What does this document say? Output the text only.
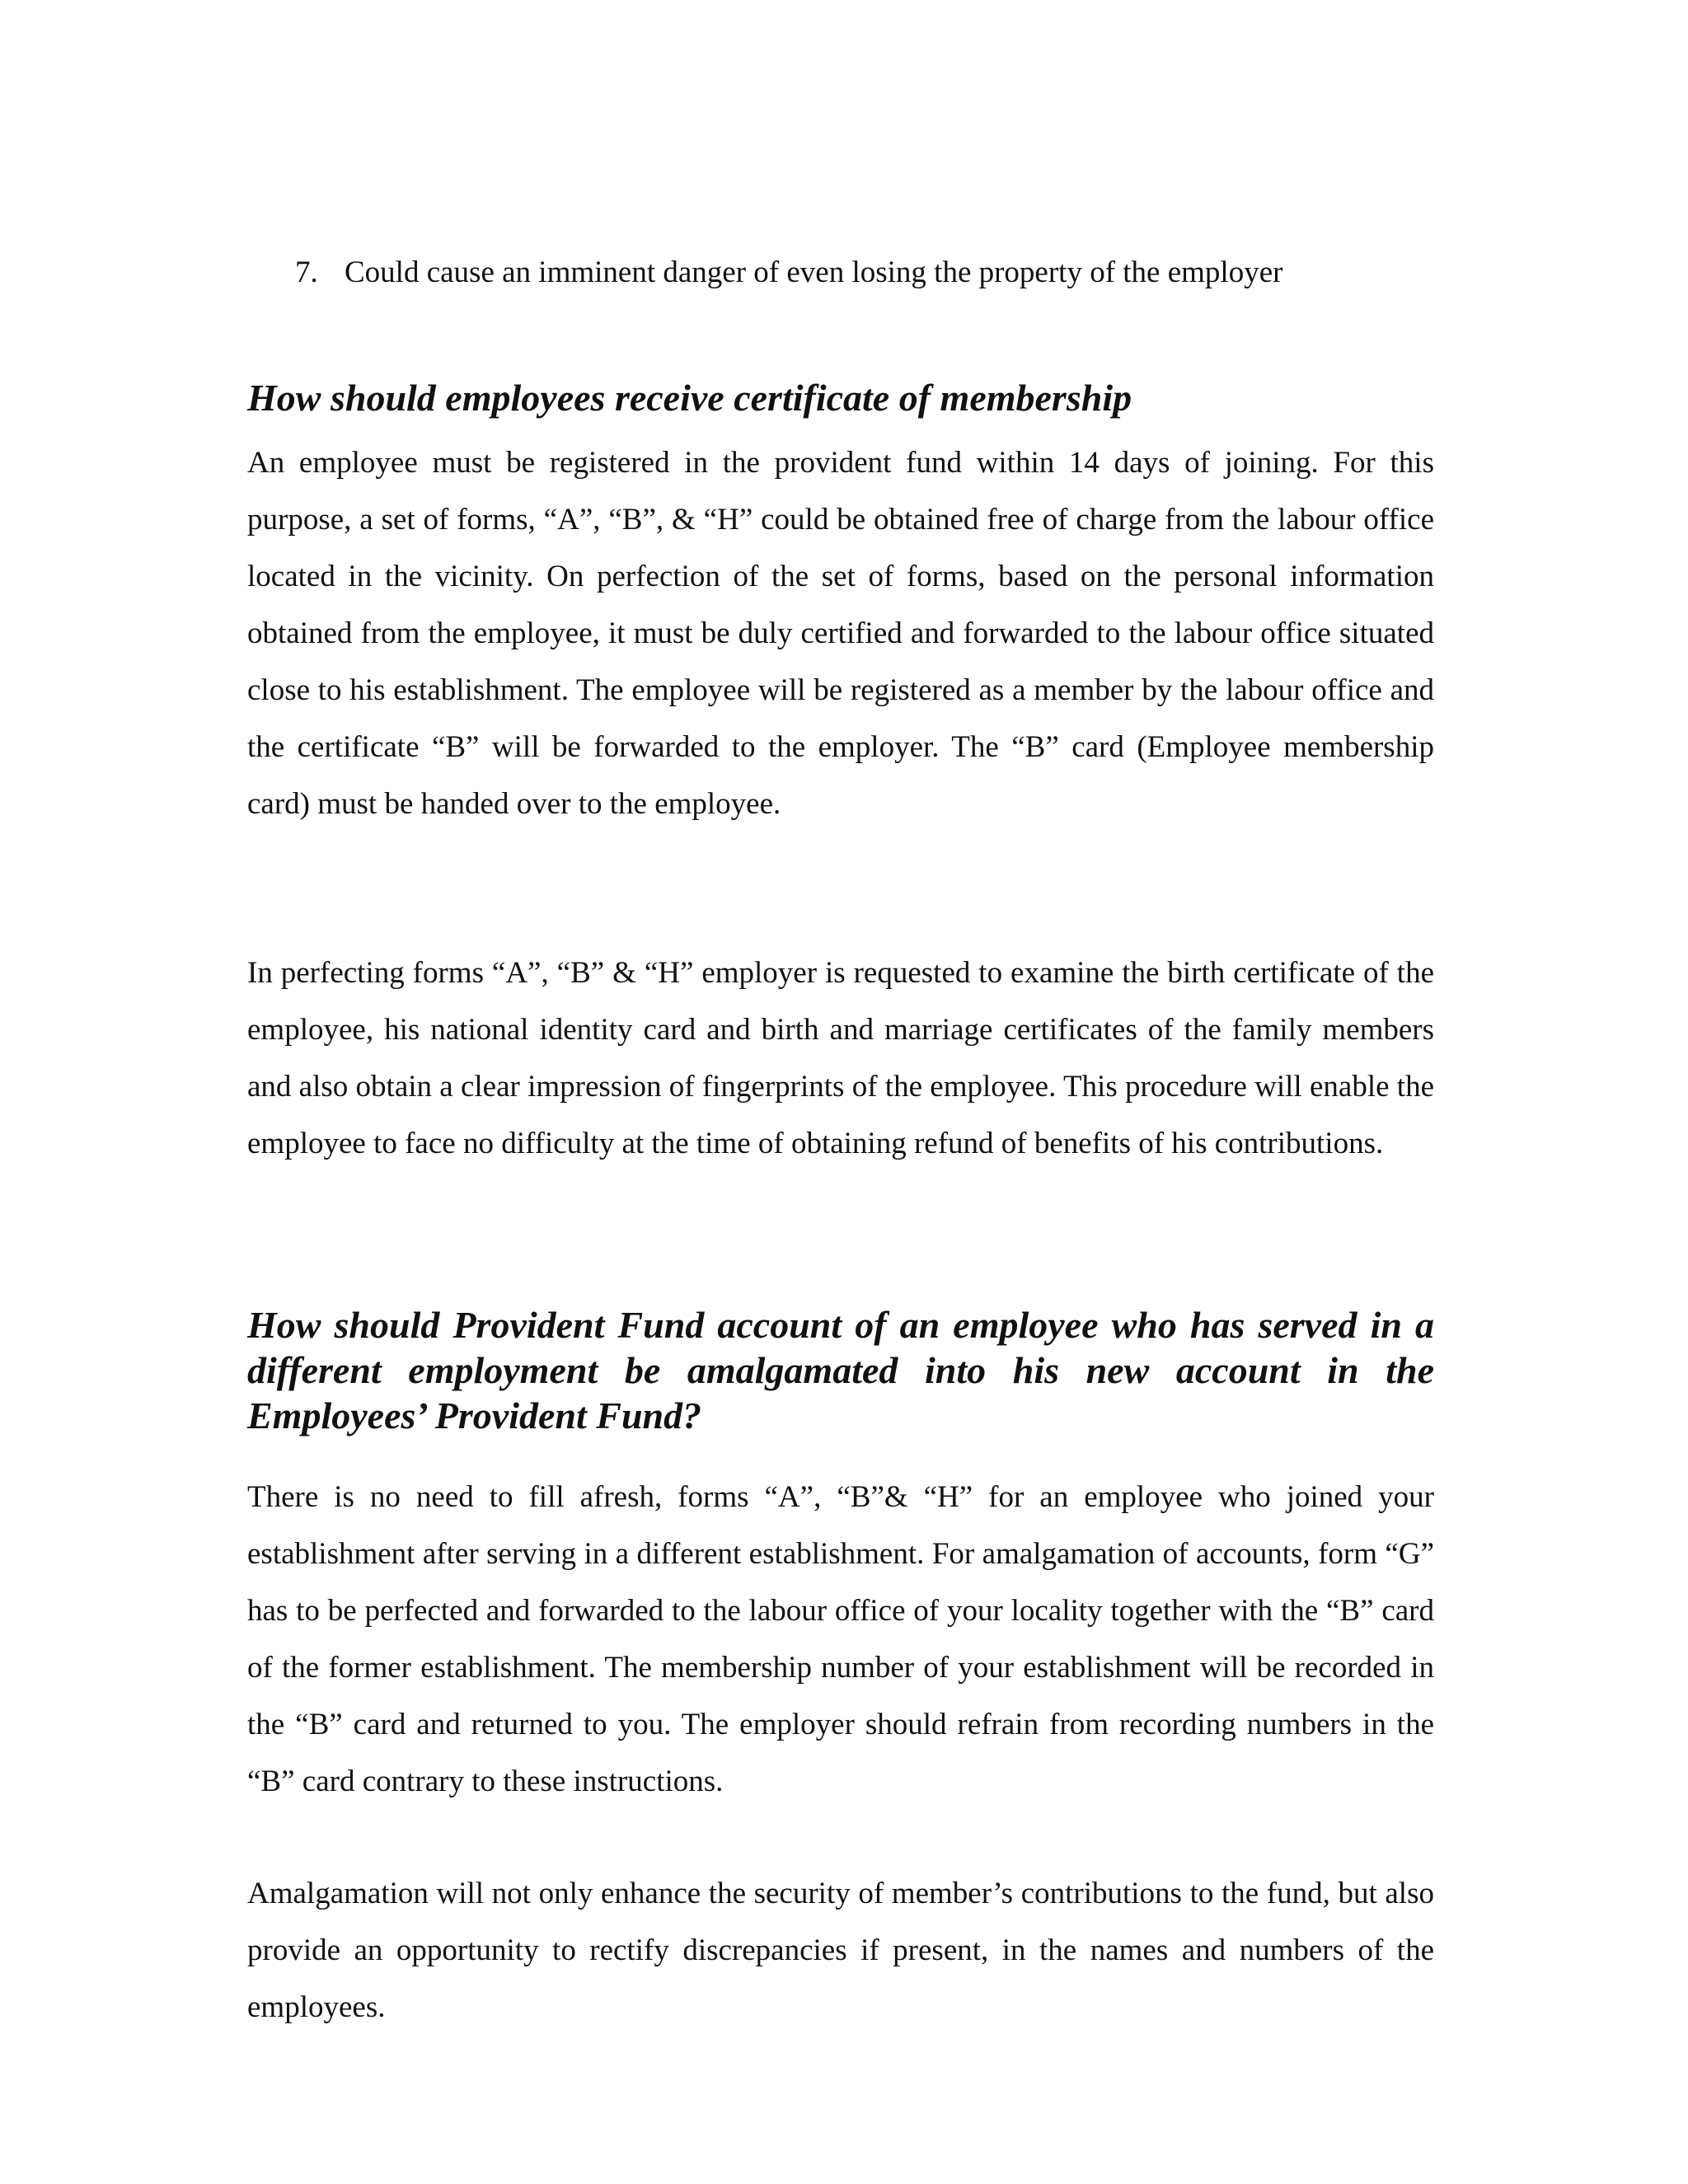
7. Could cause an imminent danger of even losing the property of the employer
How should employees receive certificate of membership

An employee must be registered in the provident fund within 14 days of joining. For this purpose, a set of forms, “A”, “B”, & “H” could be obtained free of charge from the labour office located in the vicinity. On perfection of the set of forms, based on the personal information obtained from the employee, it must be duly certified and forwarded to the labour office situated close to his establishment. The employee will be registered as a member by the labour office and the certificate “B” will be forwarded to the employer. The “B” card (Employee membership card) must be handed over to the employee.

In perfecting forms “A”, “B” & “H” employer is requested to examine the birth certificate of the employee, his national identity card and birth and marriage certificates of the family members and also obtain a clear impression of fingerprints of the employee. This procedure will enable the employee to face no difficulty at the time of obtaining refund of benefits of his contributions.

How should Provident Fund account of an employee who has served in a different employment be amalgamated into his new account in the Employees’ Provident Fund?

There is no need to fill afresh, forms “A”, “B”& “H” for an employee who joined your establishment after serving in a different establishment. For amalgamation of accounts, form “G” has to be perfected and forwarded to the labour office of your locality together with the “B” card of the former establishment. The membership number of your establishment will be recorded in the “B” card and returned to you. The employer should refrain from recording numbers in the “B” card contrary to these instructions.

Amalgamation will not only enhance the security of member’s contributions to the fund, but also provide an opportunity to rectify discrepancies if present, in the names and numbers of the employees.
